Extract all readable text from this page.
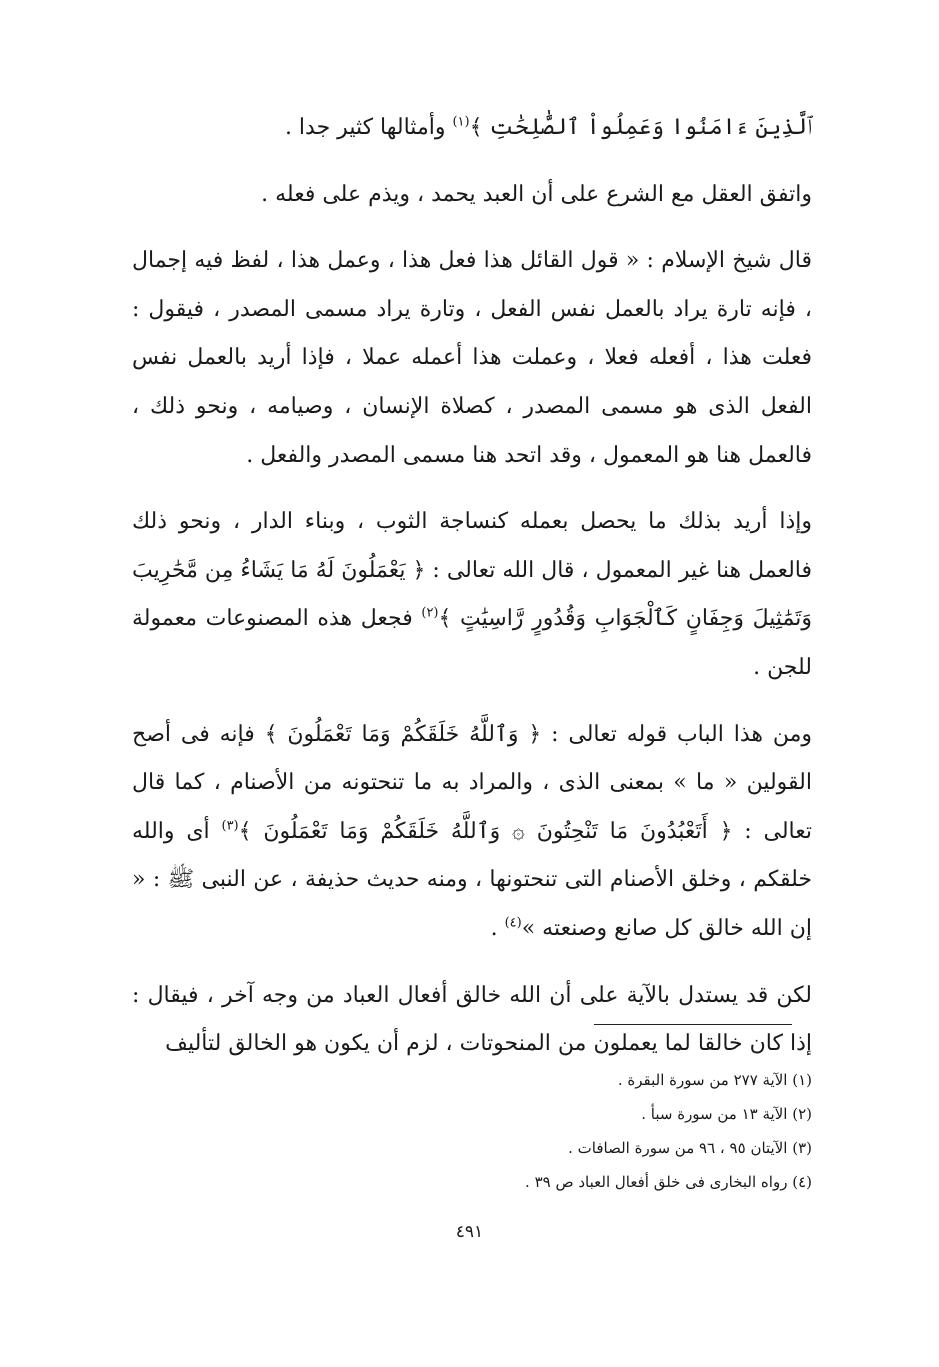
ﭐلَّذِينَ ءَامَنُوا وَعَمِلُواْ ٱلصَّٰلِحَٰتِ ﴾$^{(١)}$ وأمثالها كثير جدا .

واتفق العقل مع الشرع على أن العبد يحمد ، ويذم على فعله .

قال شيخ الإسلام : « قول القائل هذا فعل هذا ، وعمل هذا ، لفظ فيه إجمال ، فإنه تارة يراد بالعمل نفس الفعل ، وتارة يراد مسمى المصدر ، فيقول : فعلت هذا ، أفعله فعلا ، وعملت هذا أعمله عملا ، فإذا أريد بالعمل نفس الفعل الذى هو مسمى المصدر ، كصلاة الإنسان ، وصيامه ، ونحو ذلك ، فالعمل هنا هو المعمول ، وقد اتحد هنا مسمى المصدر والفعل .

وإذا أريد بذلك ما يحصل بعمله كنساجة الثوب ، وبناء الدار ، ونحو ذلك فالعمل هنا غير المعمول ، قال الله تعالى : ﴿ يَعْمَلُونَ لَهُ مَا يَشَاءُ مِن مَّحَٰرِيبَ وَتَمَٰثِيلَ وَجِفَانٍ كَٱلْجَوَابِ وَقُدُورٍ رَّاسِيَٰتٍ ﴾$^{(٢)}$ فجعل هذه المصنوعات معمولة للجن .

ومن هذا الباب قوله تعالى : ﴿ وَٱللَّهُ خَلَقَكُمْ وَمَا تَعْمَلُونَ ﴾ فإنه فى أصح القولين « ما » بمعنى الذى ، والمراد به ما تنحتونه من الأصنام ، كما قال تعالى : ﴿ أَتَعْبُدُونَ مَا تَنْحِتُونَ ۞ وَٱللَّهُ خَلَقَكُمْ وَمَا تَعْمَلُونَ ﴾$^{(٣)}$ أى والله خلقكم ، وخلق الأصنام التى تنحتونها ، ومنه حديث حذيفة ، عن النبى ﷺ : « إن الله خالق كل صانع وصنعته »$^{(٤)}$ .

لكن قد يستدل بالآية على أن الله خالق أفعال العباد من وجه آخر ، فيقال : إذا كان خالقا لما يعملون من المنحوتات ، لزم أن يكون هو الخالق لتأليف

(١) الآية ٢٧٧ من سورة البقرة .
(٢) الآية ١٣ من سورة سبأ .
(٣) الآيتان ٩٥ ، ٩٦ من سورة الصافات .
(٤) رواه البخارى فى خلق أفعال العباد ص ٣٩ .
٤٩١
